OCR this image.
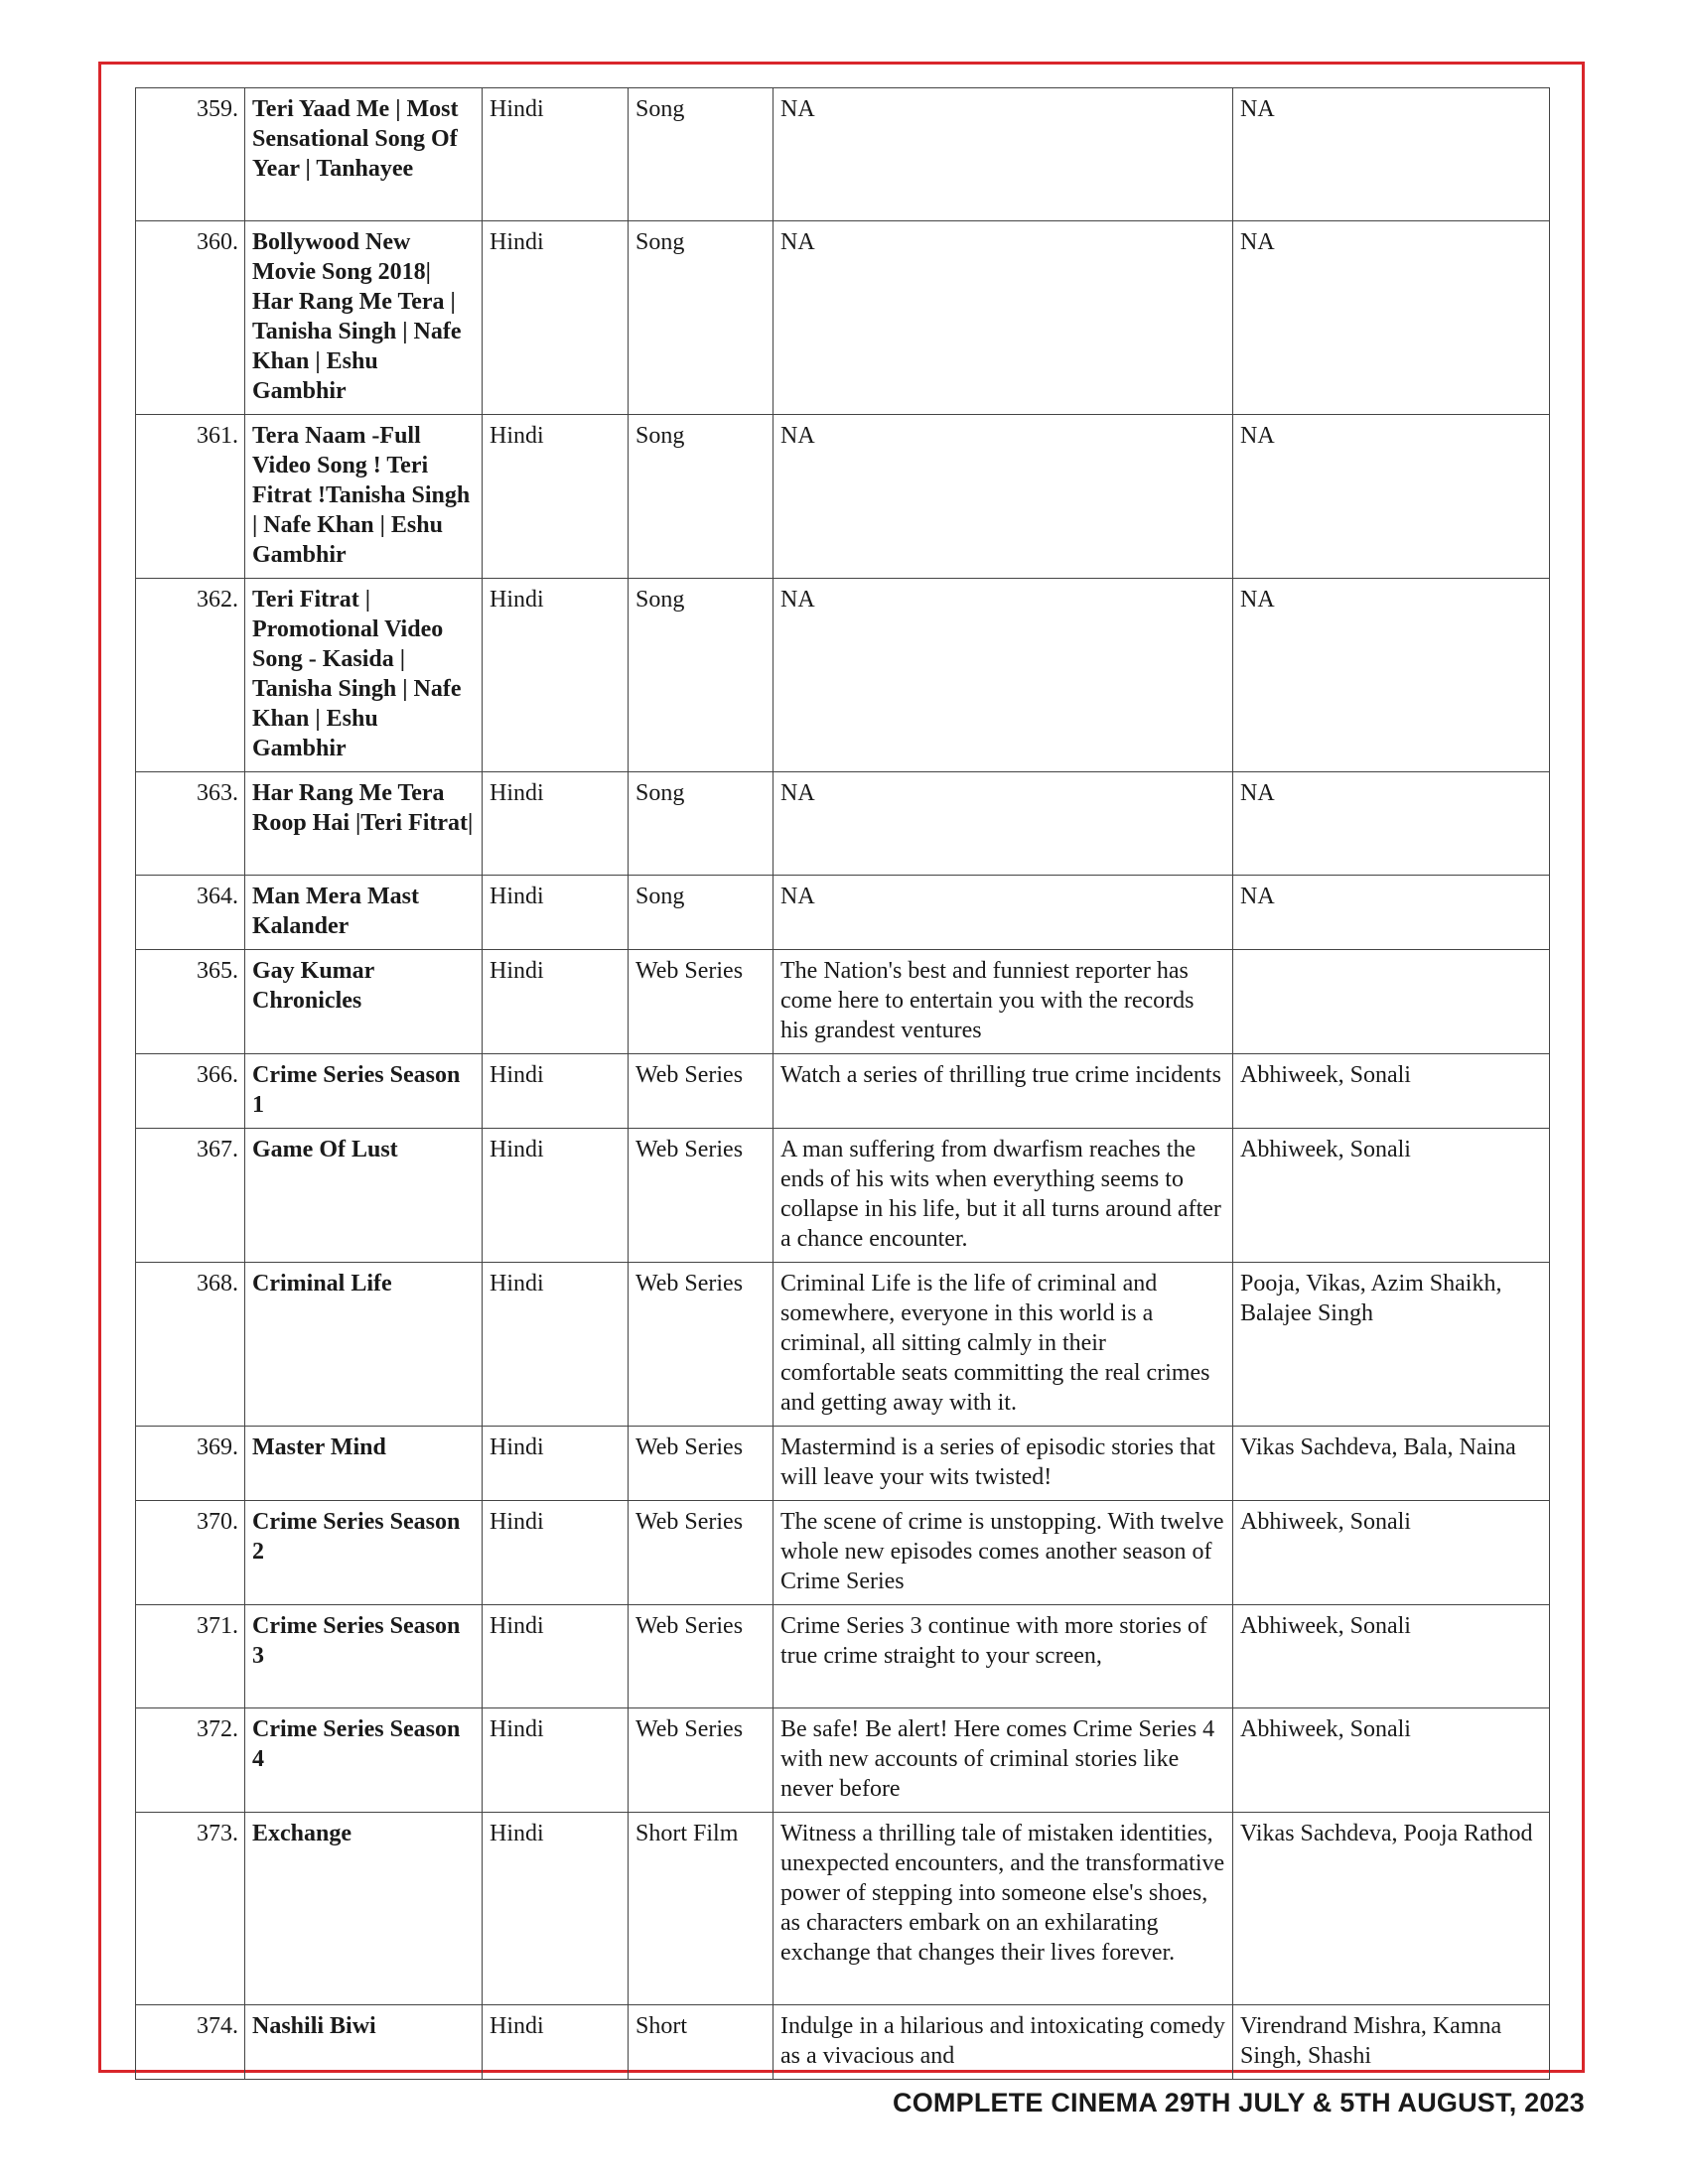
359.	Teri Yaad Me | Most Sensational Song Of Year | Tanhayee	Hindi	Song	NA	NA
360.	Bollywood New Movie Song 2018| Har Rang Me Tera | Tanisha Singh | Nafe Khan | Eshu Gambhir	Hindi	Song	NA	NA
361.	Tera Naam -Full Video Song ! Teri Fitrat !Tanisha Singh | Nafe Khan | Eshu Gambhir	Hindi	Song	NA	NA
362.	Teri Fitrat | Promotional Video Song - Kasida | Tanisha Singh | Nafe Khan | Eshu Gambhir	Hindi	Song	NA	NA
363.	Har Rang Me Tera Roop Hai |Teri Fitrat|	Hindi	Song	NA	NA
364.	Man Mera Mast Kalander	Hindi	Song	NA	NA
365.	Gay Kumar Chronicles	Hindi	Web Series	The Nation's best and funniest reporter has come here to entertain you with the records his grandest ventures	
366.	Crime Series Season 1	Hindi	Web Series	Watch a series of thrilling true crime incidents	Abhiweek, Sonali
367.	Game Of Lust	Hindi	Web Series	A man suffering from dwarfism reaches the ends of his wits when everything seems to collapse in his life, but it all turns around after a chance encounter.	Abhiweek, Sonali
368.	Criminal Life	Hindi	Web Series	Criminal Life is the life of criminal and somewhere, everyone in this world is a criminal, all sitting calmly in their comfortable seats committing the real crimes and getting away with it.	Pooja, Vikas, Azim Shaikh, Balajee Singh
369.	Master Mind	Hindi	Web Series	Mastermind is a series of episodic stories that will leave your wits twisted!	Vikas Sachdeva, Bala, Naina
370.	Crime Series Season 2	Hindi	Web Series	The scene of crime is unstopping. With twelve whole new episodes comes another season of Crime Series	Abhiweek, Sonali
371.	Crime Series Season 3	Hindi	Web Series	Crime Series 3 continue with more stories of true crime straight to your screen,	Abhiweek, Sonali
372.	Crime Series Season 4	Hindi	Web Series	Be safe! Be alert! Here comes Crime Series 4 with new accounts of criminal stories like never before	Abhiweek, Sonali
373.	Exchange	Hindi	Short Film	Witness a thrilling tale of mistaken identities, unexpected encounters, and the transformative power of stepping into someone else's shoes, as characters embark on an exhilarating exchange that changes their lives forever.	Vikas Sachdeva, Pooja Rathod
374.	Nashili Biwi	Hindi	Short	Indulge in a hilarious and intoxicating comedy as a vivacious and	Virendrand Mishra, Kamna Singh, Shashi
COMPLETE CINEMA 29TH JULY & 5TH AUGUST, 2023
